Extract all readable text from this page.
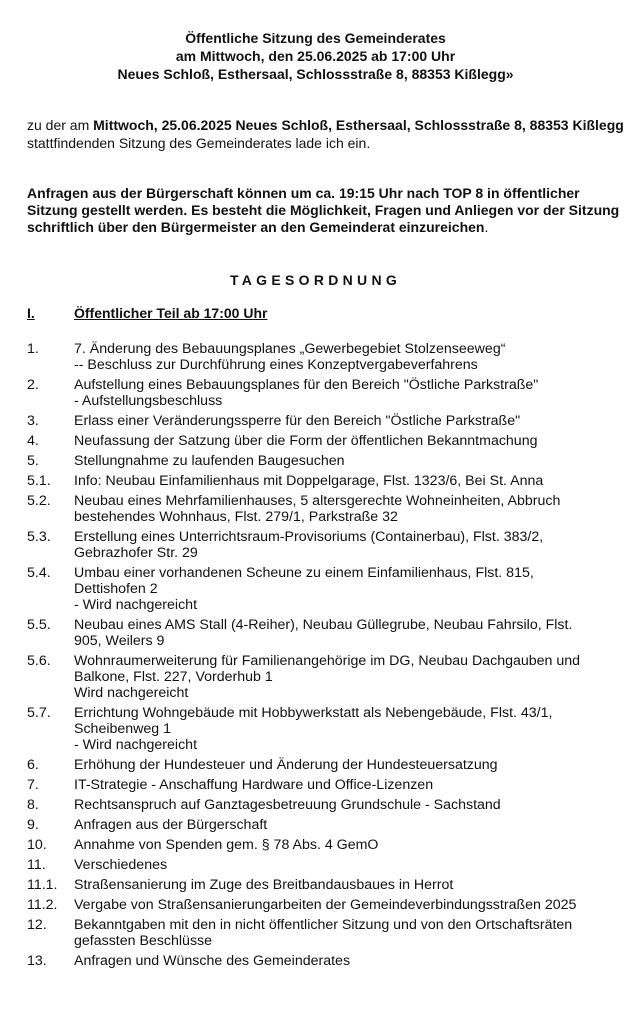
Öffentliche Sitzung des Gemeinderates
am Mittwoch, den 25.06.2025 ab 17:00 Uhr
Neues Schloß, Esthersaal, Schlossstraße 8, 88353 Kißlegg»
zu der am Mittwoch, 25.06.2025 Neues Schloß, Esthersaal, Schlossstraße 8, 88353 Kißlegg stattfindenden Sitzung des Gemeinderates lade ich ein.
Anfragen aus der Bürgerschaft können um ca. 19:15 Uhr nach TOP 8 in öffentlicher Sitzung gestellt werden. Es besteht die Möglichkeit, Fragen und Anliegen vor der Sitzung schriftlich über den Bürgermeister an den Gemeinderat einzureichen.
TAGESORDNUNG
I.	Öffentlicher Teil ab 17:00 Uhr
1. 7. Änderung des Bebauungsplanes „Gewerbegebiet Stolzenseeweg“
-- Beschluss zur Durchführung eines Konzeptvergabeverfahrens
2. Aufstellung eines Bebauungsplanes für den Bereich "Östliche Parkstraße"
- Aufstellungsbeschluss
3. Erlass einer Veränderungssperre für den Bereich "Östliche Parkstraße"
4. Neufassung der Satzung über die Form der öffentlichen Bekanntmachung
5. Stellungnahme zu laufenden Baugesuchen
5.1. Info: Neubau Einfamilienhaus mit Doppelgarage, Flst. 1323/6, Bei St. Anna
5.2. Neubau eines Mehrfamilienhauses, 5 altersgerechte Wohneinheiten, Abbruch
bestehendes Wohnhaus, Flst. 279/1, Parkstraße 32
5.3. Erstellung eines Unterrichtsraum-Provisoriums (Containerbau), Flst. 383/2,
Gebrazhofer Str. 29
5.4. Umbau einer vorhandenen Scheune zu einem Einfamilienhaus, Flst. 815,
Dettishofen 2
- Wird nachgereicht
5.5. Neubau eines AMS Stall (4-Reiher), Neubau Güllegrube, Neubau Fahrsilo, Flst.
905, Weilers 9
5.6. Wohnraumerweiterung für Familienangehörige im DG, Neubau Dachgauben und
Balkone, Flst. 227, Vorderhub 1
Wird nachgereicht
5.7. Errichtung Wohngebäude mit Hobbywerkstatt als Nebengebäude, Flst. 43/1,
Scheibenweg 1
- Wird nachgereicht
6. Erhöhung der Hundesteuer und Änderung der Hundesteuersatzung
7. IT-Strategie - Anschaffung Hardware und Office-Lizenzen
8. Rechtsanspruch auf Ganztagesbetreuung Grundschule - Sachstand
9. Anfragen aus der Bürgerschaft
10. Annahme von Spenden gem. § 78 Abs. 4 GemO
11. Verschiedenes
11.1. Straßensanierung im Zuge des Breitbandausbaues in Herrot
11.2. Vergabe von Straßensanierungarbeiten der Gemeindeverbindungsstraßen 2025
12. Bekanntgaben mit den in nicht öffentlicher Sitzung und von den Ortschaftsräten
gefassten Beschlüsse
13. Anfragen und Wünsche des Gemeinderates
